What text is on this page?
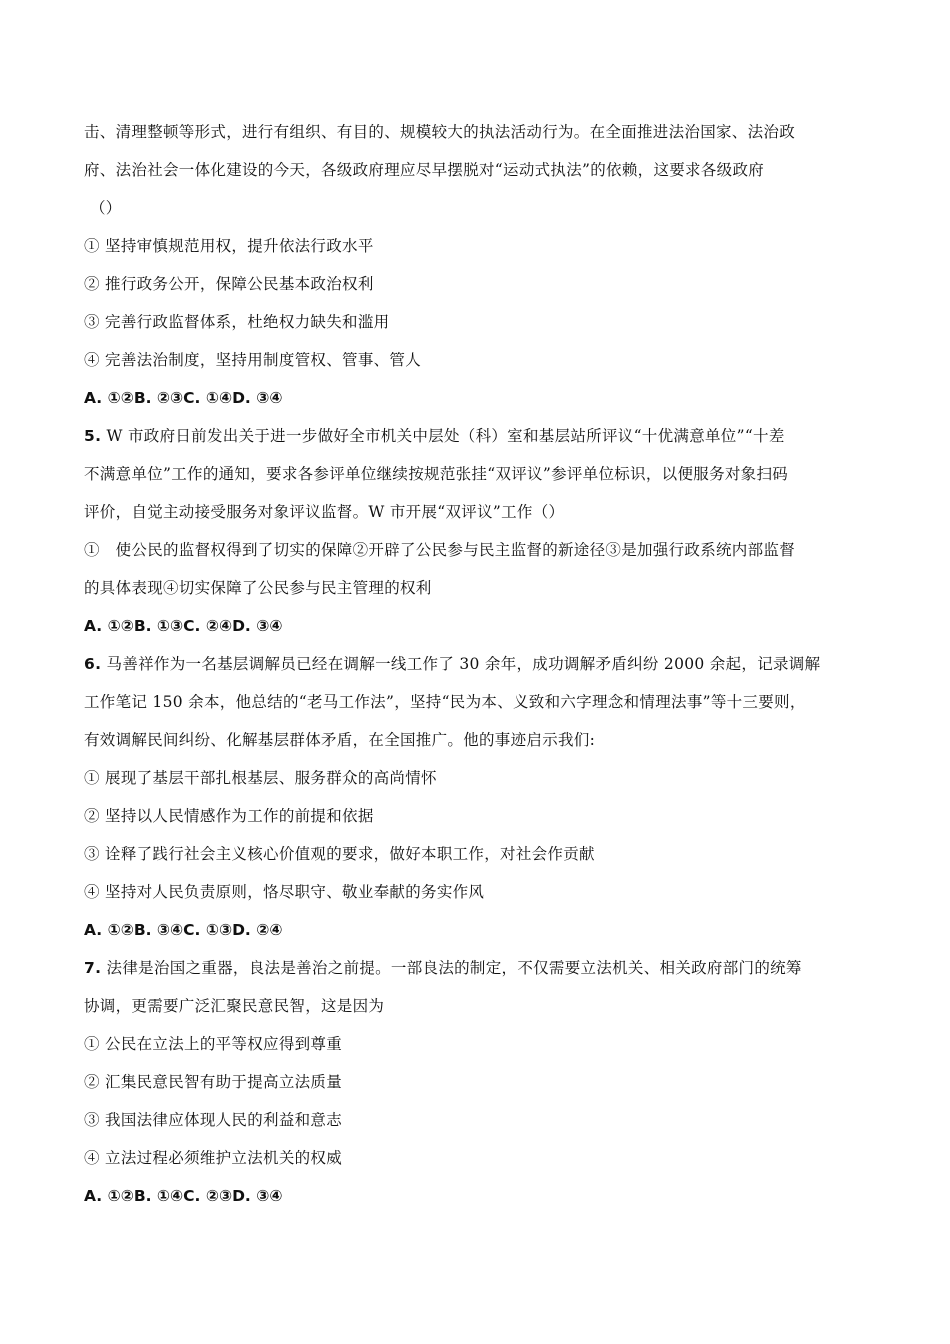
击、清理整顿等形式，进行有组织、有目的、规模较大的执法活动行为。在全面推进法治国家、法治政
府、法治社会一体化建设的今天，各级政府理应尽早摆脱对“运动式执法”的依赖，这要求各级政府
（）
① 坚持审慎规范用权，提升依法行政水平
② 推行政务公开，保障公民基本政治权利
③ 完善行政监督体系，杜绝权力缺失和滥用
④ 完善法治制度，坚持用制度管权、管事、管人
A. ①②B. ②③C. ①④D. ③④
5. W 市政府日前发出关于进一步做好全市机关中层处（科）室和基层站所评议“十优满意单位”“十差
不满意单位”工作的通知，要求各参评单位继续按规范张挂“双评议”参评单位标识，以便服务对象扫码
评价，自觉主动接受服务对象评议监督。W 市开展“双评议”工作（）
①　使公民的监督权得到了切实的保障②开辟了公民参与民主监督的新途径③是加强行政系统内部监督
的具体表现④切实保障了公民参与民主管理的权利
A. ①②B. ①③C. ②④D. ③④
6. 马善祥作为一名基层调解员已经在调解一线工作了 30 余年，成功调解矛盾纠纷 2000 余起，记录调解
工作笔记 150 余本，他总结的“老马工作法”，坚持“民为本、义致和六字理念和情理法事”等十三要则，
有效调解民间纠纷、化解基层群体矛盾，在全国推广。他的事迹启示我们:
① 展现了基层干部扎根基层、服务群众的高尚情怀
② 坚持以人民情感作为工作的前提和依据
③ 诠释了践行社会主义核心价值观的要求，做好本职工作，对社会作贡献
④ 坚持对人民负责原则，恪尽职守、敬业奉献的务实作风
A. ①②B. ③④C. ①③D. ②④
7. 法律是治国之重器，良法是善治之前提。一部良法的制定，不仅需要立法机关、相关政府部门的统筹
协调，更需要广泛汇聚民意民智，这是因为
① 公民在立法上的平等权应得到尊重
② 汇集民意民智有助于提高立法质量
③ 我国法律应体现人民的利益和意志
④ 立法过程必须维护立法机关的权威
A. ①②B. ①④C. ②③D. ③④
